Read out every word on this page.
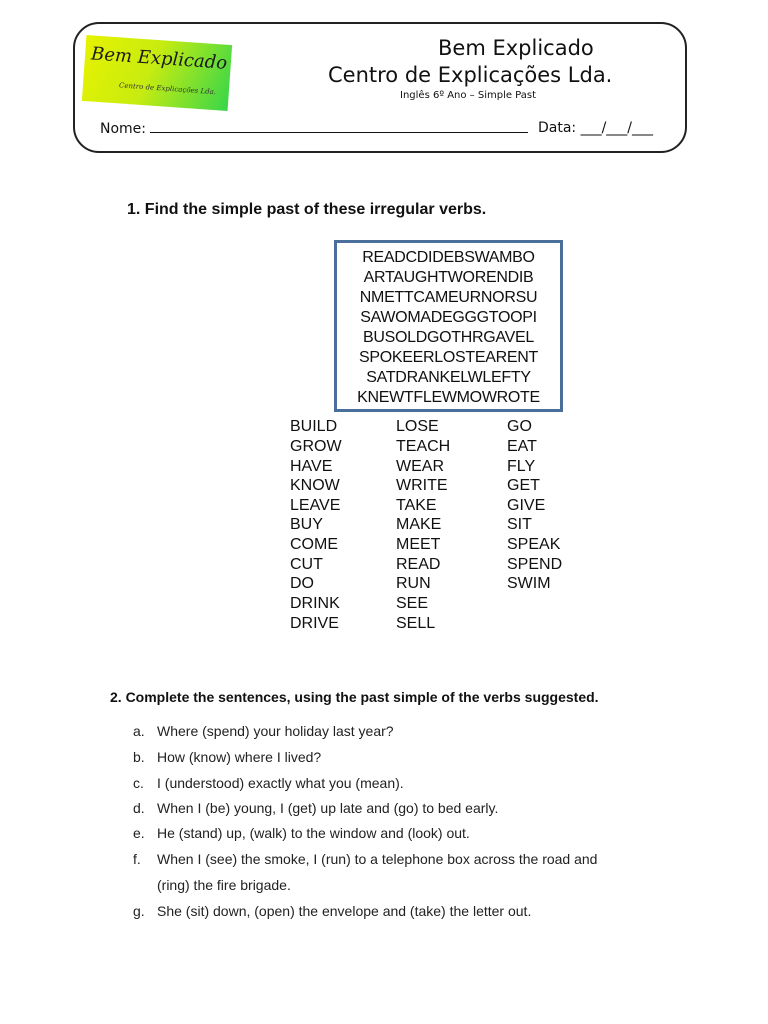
Bem Explicado
Centro de Explicações Lda.
Bem Explicado
Centro de Explicações Lda.
Inglês 6º Ano – Simple Past
Nome:	Data: ___/___/___
1. Find the simple past of these irregular verbs.
READCDIDEBSWAMBO
ARTAUGHTWORENDIB
NMETTCAMEURNORSU
SAWOMADEGGGTOOPI
BUSOLDGOTHRGAVEL
SPOKEERLOSTEARENT
SATDRANKELWLEFTY
KNEWTFLEWMOWROTE
BUILD
GROW
HAVE
KNOW
LEAVE
BUY
COME
CUT
DO
DRINK
DRIVE
LOSE
TEACH
WEAR
WRITE
TAKE
MAKE
MEET
READ
RUN
SEE
SELL
GO
EAT
FLY
GET
GIVE
SIT
SPEAK
SPEND
SWIM
2. Complete the sentences, using the past simple of the verbs suggested.
a. Where (spend) your holiday last year?
b. How (know) where I lived?
c. I (understood) exactly what you (mean).
d. When I (be) young, I (get) up late and (go) to bed early.
e. He (stand) up, (walk) to the window and (look) out.
f. When I (see) the smoke, I (run) to a telephone box across the road and
(ring) the fire brigade.
g. She (sit) down, (open) the envelope and (take) the letter out.
